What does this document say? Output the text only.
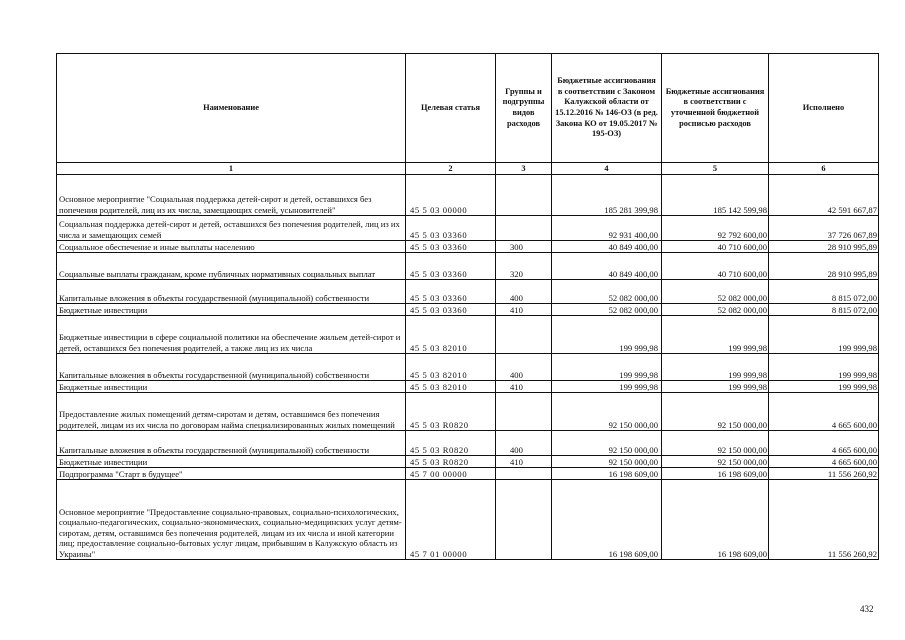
Наименование	Целевая статья	Группы и подгруппы видов расходов	Бюджетные ассигнования в соответствии с Законом Калужской области от 15.12.2016 № 146-ОЗ (в ред. Закона КО от 19.05.2017 № 195-ОЗ)	Бюджетные ассигнования в соответствии с уточненной бюджетной росписью расходов	Исполнено
1	2	3	4	5	6
Основное мероприятие "Социальная поддержка детей-сирот и детей, оставшихся без попечения родителей, лиц из их числа, замещающих семей, усыновителей"	45 5 03 00000		185 281 399,98	185 142 599,98	42 591 667,87
Социальная поддержка детей-сирот и детей, оставшихся без попечения родителей, лиц из их числа и замещающих семей	45 5 03 03360		92 931 400,00	92 792 600,00	37 726 067,89
Социальное обеспечение и иные выплаты населению	45 5 03 03360	300	40 849 400,00	40 710 600,00	28 910 995,89
Социальные выплаты гражданам, кроме публичных нормативных социальных выплат	45 5 03 03360	320	40 849 400,00	40 710 600,00	28 910 995,89
Капитальные вложения в объекты государственной (муниципальной) собственности	45 5 03 03360	400	52 082 000,00	52 082 000,00	8 815 072,00
Бюджетные инвестиции	45 5 03 03360	410	52 082 000,00	52 082 000,00	8 815 072,00
Бюджетные инвестиции в сфере социальной политики на обеспечение жильем детей-сирот и детей, оставшихся без попечения родителей, а также лиц из их числа	45 5 03 82010		199 999,98	199 999,98	199 999,98
Капитальные вложения в объекты государственной (муниципальной) собственности	45 5 03 82010	400	199 999,98	199 999,98	199 999,98
Бюджетные инвестиции	45 5 03 82010	410	199 999,98	199 999,98	199 999,98
Предоставление жилых помещений детям-сиротам и детям, оставшимся без попечения родителей, лицам из их числа по договорам найма специализированных жилых помещений	45 5 03 R0820		92 150 000,00	92 150 000,00	4 665 600,00
Капитальные вложения в объекты государственной (муниципальной) собственности	45 5 03 R0820	400	92 150 000,00	92 150 000,00	4 665 600,00
Бюджетные инвестиции	45 5 03 R0820	410	92 150 000,00	92 150 000,00	4 665 600,00
Подпрограмма "Старт в будущее"	45 7 00 00000		16 198 609,00	16 198 609,00	11 556 260,92
Основное мероприятие "Предоставление социально-правовых, социально-психологических, социально-педагогических, социально-экономических, социально-медицинских услуг детям-сиротам, детям, оставшимся без попечения родителей, лицам из их числа и иной категории лиц; предоставление социально-бытовых услуг лицам, прибывшим в Калужскую область из Украины"	45 7 01 00000		16 198 609,00	16 198 609,00	11 556 260,92
432
